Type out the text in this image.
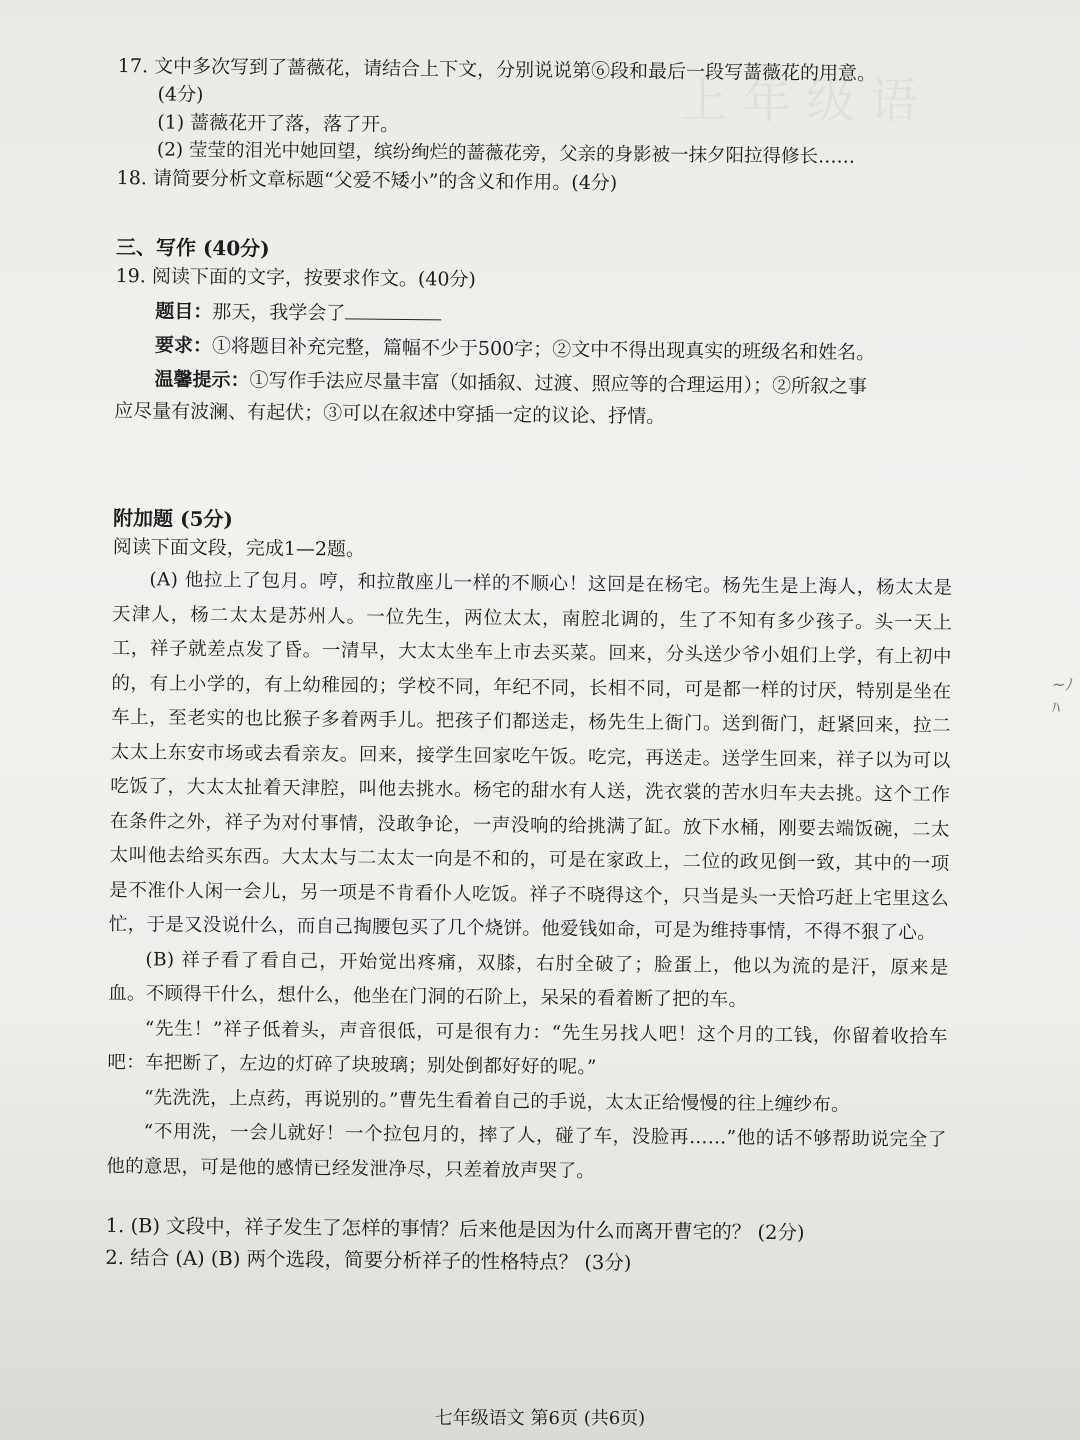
上 年 级 语

17. 文中多次写到了蔷薇花，请结合上下文，分别说说第⑥段和最后一段写蔷薇花的用意。

(4分)

(1) 蔷薇花开了落，落了开。

(2) 莹莹的泪光中她回望，缤纷绚烂的蔷薇花旁，父亲的身影被一抹夕阳拉得修长……

18. 请简要分析文章标题“父爱不矮小”的含义和作用。(4分)

三、写作 (40分)

19. 阅读下面的文字，按要求作文。(40分)

题目：那天，我学会了

要求：①将题目补充完整，篇幅不少于500字；②文中不得出现真实的班级名和姓名。

温馨提示：①写作手法应尽量丰富（如插叙、过渡、照应等的合理运用）；②所叙之事

应尽量有波澜、有起伏；③可以在叙述中穿插一定的议论、抒情。

附加题 (5分)

阅读下面文段，完成1—2题。

(A) 他拉上了包月。哼，和拉散座儿一样的不顺心！这回是在杨宅。杨先生是上海人，杨太太是天津人，杨二太太是苏州人。一位先生，两位太太，南腔北调的，生了不知有多少孩子。头一天上工，祥子就差点发了昏。一清早，大太太坐车上市去买菜。回来，分头送少爷小姐们上学，有上初中的，有上小学的，有上幼稚园的；学校不同，年纪不同，长相不同，可是都一样的讨厌，特别是坐在车上，至老实的也比猴子多着两手儿。把孩子们都送走，杨先生上衙门。送到衙门，赶紧回来，拉二太太上东安市场或去看亲友。回来，接学生回家吃午饭。吃完，再送走。送学生回来，祥子以为可以吃饭了，大太太扯着天津腔，叫他去挑水。杨宅的甜水有人送，洗衣裳的苦水归车夫去挑。这个工作在条件之外，祥子为对付事情，没敢争论，一声没响的给挑满了缸。放下水桶，刚要去端饭碗，二太太叫他去给买东西。大太太与二太太一向是不和的，可是在家政上，二位的政见倒一致，其中的一项是不准仆人闲一会儿，另一项是不肯看仆人吃饭。祥子不晓得这个，只当是头一天恰巧赶上宅里这么忙，于是又没说什么，而自己掏腰包买了几个烧饼。他爱钱如命，可是为维持事情，不得不狠了心。

(B) 祥子看了看自己，开始觉出疼痛，双膝，右肘全破了；脸蛋上，他以为流的是汗，原来是血。不顾得干什么，想什么，他坐在门洞的石阶上，呆呆的看着断了把的车。

“先生！”祥子低着头，声音很低，可是很有力：“先生另找人吧！这个月的工钱，你留着收拾车吧：车把断了，左边的灯碎了块玻璃；别处倒都好好的呢。”

“先洗洗，上点药，再说别的。”曹先生看着自己的手说，太太正给慢慢的往上缠纱布。

“不用洗，一会儿就好！一个拉包月的，摔了人，碰了车，没脸再……”他的话不够帮助说完全了他的意思，可是他的感情已经发泄净尽，只差着放声哭了。

1. (B) 文段中，祥子发生了怎样的事情？后来他是因为什么而离开曹宅的？ (2分)

2. 结合 (A) (B) 两个选段，简要分析祥子的性格特点？ (3分)

~ﾉﾊ
七年级语文 第6页 (共6页)
